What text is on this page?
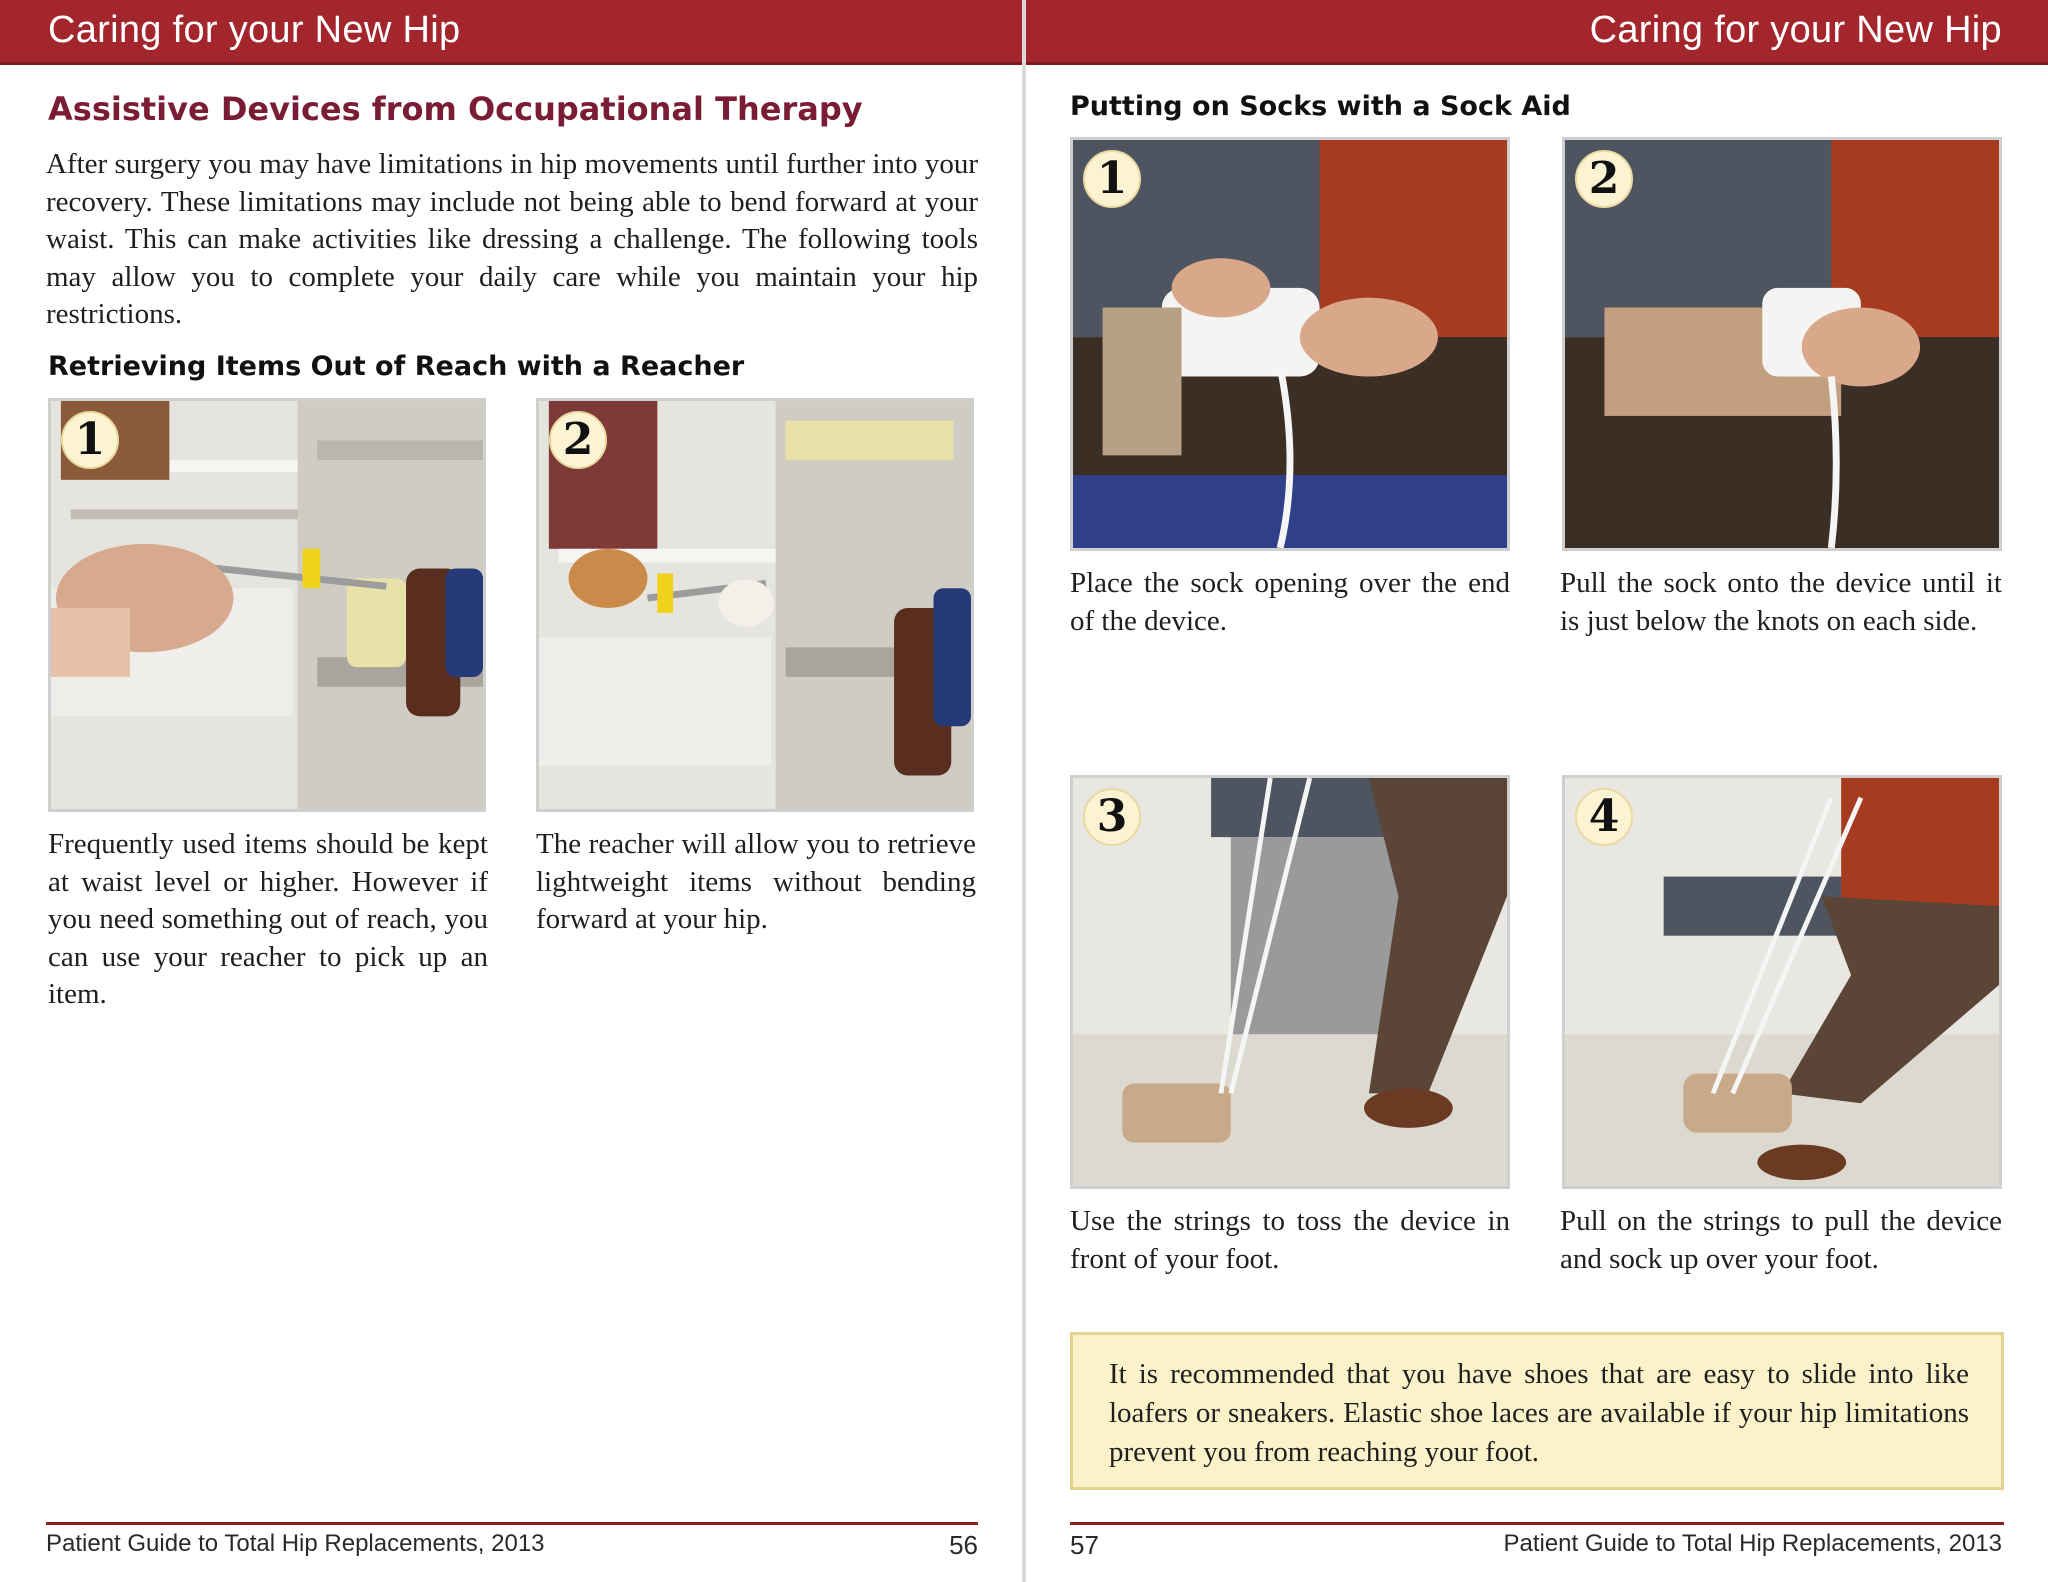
Caring for your New Hip
Assistive Devices from Occupational Therapy
After surgery you may have limitations in hip movements until further into your recovery. These limitations may include not being able to bend forward at your waist. This can make activities like dressing a challenge. The following tools may allow you to complete your daily care while you maintain your hip restrictions.
Retrieving Items Out of Reach with a Reacher
1	2
Frequently used items should be kept at waist level or higher. However if you need something out of reach, you can use your reacher to pick up an item.
The reacher will allow you to retrieve lightweight items without bending forward at your hip.
Patient Guide to Total Hip Replacements, 2013	56
Caring for your New Hip
Putting on Socks with a Sock Aid
1	2
Place the sock opening over the end of the device.
Pull the sock onto the device until it is just below the knots on each side.
3	4
Use the strings to toss the device in front of your foot.
Pull on the strings to pull the device and sock up over your foot.
It is recommended that you have shoes that are easy to slide into like loafers or sneakers. Elastic shoe laces are available if your hip limitations prevent you from reaching your foot.
57	Patient Guide to Total Hip Replacements, 2013
